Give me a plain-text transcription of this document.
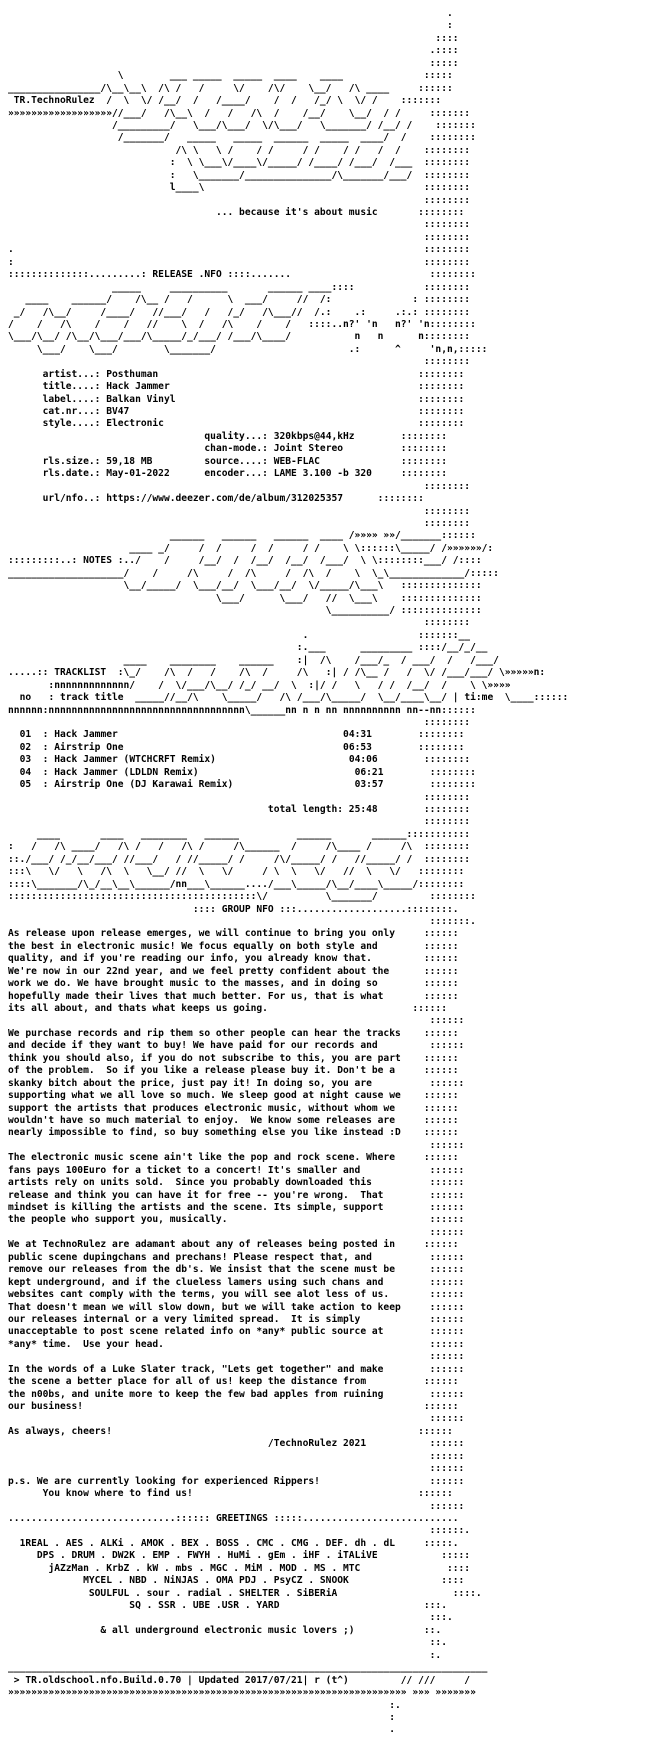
.
:
::::
.::::
:::::
\        ___ _____  _____  ____    ____              :::::
________________/\__\__\  /\ /   /     \/    /\/    \__/   /\ ____     ::::::
TR.TechnoRulez  /  \  \/ /__/  /   /____/    /  /   /_/ \  \/ /    :::::::
»»»»»»»»»»»»»»»»»»//___/   /\__\  /   /   /\  /    /__/    \__/  / /     :::::::
/_________/   \___/\___/  \/\___/   \_______/ /__/ /    :::::::
/_______/   _____   _____  ______  _____  ____/  /    ::::::::
/\ \   \ /    / /     / /    / /   /  /    ::::::::
:  \ \___\/____\/_____/ /____/ /___/  /___  ::::::::
:   \_______/_______________/\_______/___/  ::::::::
l____\                                      ::::::::
::::::::
... because it's about music       ::::::::
::::::::
::::::::
.                                                                       ::::::::
:                                                                       ::::::::
::::::::::::::.........: RELEASE .NFO ::::.......                        ::::::::
_____     __________       ______ ____::::            ::::::::
____    ______/    /\__ /   /      \  ___/     //  /:              : ::::::::
_/   /\__/     /____/   //___/   /   /_/   /\___//  /.:    .:     .:.: ::::::::
/    /   /\    /    /   //    \  /   /\    /    /   ::::..n?' 'n   n?' 'n::::::::
\___/\__/ /\__/\___/___/\_____/_/___/ /___/\____/           n   n      n::::::::
\___/    \___/        \_______/                       .:      ^     'n,n,:::::
::::::::
artist...: Posthuman                                             ::::::::
title....: Hack Jammer                                           ::::::::
label....: Balkan Vinyl                                          ::::::::
cat.nr...: BV47                                                  ::::::::
style....: Electronic                                            ::::::::
quality...: 320kbps@44,kHz        ::::::::
chan-mode.: Joint Stereo          ::::::::
rls.size.: 59,18 MB	source....: WEB-FLAC              ::::::::
rls.date.: May-01-2022	encoder...: LAME 3.100 -b 320     ::::::::
::::::::
url/nfo..: https://www.deezer.com/de/album/312025357      ::::::::
::::::::
::::::::
______   ______   ______  ____ /»»»» »»/_______::::::
____ _/     /  /     /  /     / /    \ \::::::\_____/ /»»»»»»/:
:::::::::..: NOTES :../    /     /__/  /  /__/  /__/  /___/  \ \::::::::___/ /::::
____________________/    /     /\     /  /\     /  /\  /    \  \_\_____________/:::::
\__/_____/  \___/__/  \___/__/  \/_____/\___\   ::::::::::::::
\___/      \___/   //  \___\    ::::::::::::::
\__________/ ::::::::::::::
::::::::
.                   :::::::__
:.___      _________ ::::/__/_/__
____    ________    ______    :|  /\    /___/_  / ___/  /   /___/
.....:: TRACKLIST  :\_/    /\  /   /    /\  /     /\   :| / /\__ /   /  \/ /___/___/ \»»»»»n:
:nnnnnnnnnnnnn/    /  \/___/\__/ /_/ __/  \  :|/ /   \   / /  /__/  /    \ \»»»»
no   : track title  _____//__/\    \_____/   /\ /___/\_____/  \__/____\__/ | ti:me  \____::::::
nnnnnn:nnnnnnnnnnnnnnnnnnnnnnnnnnnnnnnnnn\______nn n n nn nnnnnnnnnn nn--nn::::::
::::::::
01  : Hack Jammer	04:31        ::::::::
02  : Airstrip One	06:53        ::::::::
03  : Hack Jammer (WTCHCRFT Remix)	04:06        ::::::::
04  : Hack Jammer (LDLDN Remix)	06:21        ::::::::
05  : Airstrip One (DJ Karawai Remix)	03:57        ::::::::
::::::::
total length: 25:48        ::::::::
::::::::
____       ____   ________   ______          ______       ______:::::::::::
:   /   /\ ____/   /\ /   /   /\ /     /\______  /     /\____ /     /\  ::::::::
::./___/ /_/__/___/ //___/   / //_____/ /     /\/_____/ /   //_____/ /  ::::::::
:::\   \/   \   /\  \   \__/ //  \   \/     / \  \   \/   //  \   \/   ::::::::
::::\_______/\_/__\__\______/nn___\______..../___\_____/\__/____\_____/::::::::
:::::::::::::::::::::::::::::::::::::::::::\/          \_______/         ::::::::
:::: GROUP NFO :::...................::::::::.
:::::::.
As release upon release emerges, we will continue to bring you only     ::::::
the best in electronic music! We focus equally on both style and        ::::::
quality, and if you're reading our info, you already know that.         ::::::
We're now in our 22nd year, and we feel pretty confident about the      ::::::
work we do. We have brought music to the masses, and in doing so        ::::::
hopefully made their lives that much better. For us, that is what       ::::::
its all about, and thats what keeps us going.                         ::::::
::::::
We purchase records and rip them so other people can hear the tracks    ::::::
and decide if they want to buy! We have paid for our records and         ::::::
think you should also, if you do not subscribe to this, you are part    ::::::
of the problem.  So if you like a release please buy it. Don't be a     ::::::
skanky bitch about the price, just pay it! In doing so, you are          ::::::
supporting what we all love so much. We sleep good at night cause we    ::::::
support the artists that produces electronic music, without whom we     ::::::
wouldn't have so much material to enjoy.  We know some releases are     ::::::
nearly impossible to find, so buy something else you like instead :D    ::::::
::::::
The electronic music scene ain't like the pop and rock scene. Where     ::::::
fans pays 100Euro for a ticket to a concert! It's smaller and            ::::::
artists rely on units sold.  Since you probably downloaded this          ::::::
release and think you can have it for free -- you're wrong.  That        ::::::
mindset is killing the artists and the scene. Its simple, support        ::::::
the people who support you, musically.                                   ::::::
::::::
We at TechnoRulez are adamant about any of releases being posted in     ::::::
public scene dupingchans and prechans! Please respect that, and          ::::::
remove our releases from the db's. We insist that the scene must be      ::::::
kept underground, and if the clueless lamers using such chans and        ::::::
websites cant comply with the terms, you will see alot less of us.       ::::::
That doesn't mean we will slow down, but we will take action to keep     ::::::
our releases internal or a very limited spread.  It is simply            ::::::
unacceptable to post scene related info on *any* public source at        ::::::
*any* time.  Use your head.                                              ::::::
::::::
In the words of a Luke Slater track, "Lets get together" and make        ::::::
the scene a better place for all of us! keep the distance from          ::::::
the n00bs, and unite more to keep the few bad apples from ruining        ::::::
our business!                                                           ::::::
::::::
As always, cheers!                                                     ::::::
/TechnoRulez 2021           ::::::
::::::
::::::
p.s. We are currently looking for experienced Rippers!                   ::::::
You know where to find us!                                       ::::::
::::::
.............................:::::: GREETINGS :::::...........................
::::::.
1REAL . AES . ALKi . AMOK . BEX . BOSS . CMC . CMG . DEF. dh . dL     :::::.
DPS . DRUM . DW2K . EMP . FWYH . HuMi . gEm . iHF . iTALiVE           :::::
jAZzMan . KrbZ . kW . mbs . MGC . MiM . MOD . MS . MTC               ::::
MYCEL . NBD . NiNJAS . OMA PDJ . PsyCZ . SNOOK                ::::
SOULFUL . sour . radial . SHELTER . SiBERiA                    ::::.
SQ . SSR . UBE .USR . YARD                         :::.
:::.
& all underground electronic music lovers ;)            ::.
::.
:.
___________________________________________________________________________________
> TR.oldschool.nfo.Build.0.70 | Updated 2017/07/21| r (t^)         // ///     /
»»»»»»»»»»»»»»»»»»»»»»»»»»»»»»»»»»»»»»»»»»»»»»»»»»»»»»»»»»»»»»»»»»»»» »»» »»»»»»»
:.
:
.
